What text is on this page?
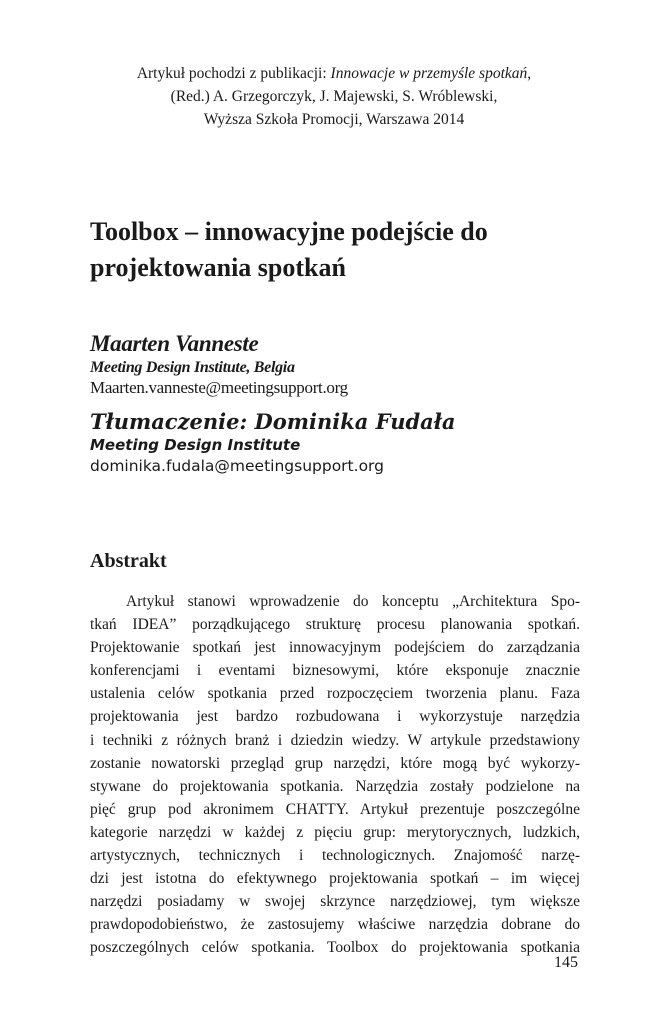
Artykuł pochodzi z publikacji: Innowacje w przemyśle spotkań,
(Red.) A. Grzegorczyk, J. Majewski, S. Wróblewski,
Wyższa Szkoła Promocji, Warszawa 2014
Toolbox – innowacyjne podejście do
projektowania spotkań
Maarten Vanneste
Meeting Design Institute, Belgia
Maarten.vanneste@meetingsupport.org
Tłumaczenie: Dominika Fudała
Meeting Design Institute
dominika.fudala@meetingsupport.org
Abstrakt
Artykuł stanowi wprowadzenie do konceptu „Architektura Spo-
tkań IDEA” porządkującego strukturę procesu planowania spotkań.
Projektowanie spotkań jest innowacyjnym podejściem do zarządzania
konferencjami i eventami biznesowymi, które eksponuje znacznie
ustalenia celów spotkania przed rozpoczęciem tworzenia planu. Faza
projektowania jest bardzo rozbudowana i wykorzystuje narzędzia
i techniki z różnych branż i dziedzin wiedzy. W artykule przedstawiony
zostanie nowatorski przegląd grup narzędzi, które mogą być wykorzy-
stywane do projektowania spotkania. Narzędzia zostały podzielone na
pięć grup pod akronimem CHATTY. Artykuł prezentuje poszczególne
kategorie narzędzi w każdej z pięciu grup: merytorycznych, ludzkich,
artystycznych, technicznych i technologicznych. Znajomość narzę-
dzi jest istotna do efektywnego projektowania spotkań – im więcej
narzędzi posiadamy w swojej skrzynce narzędziowej, tym większe
prawdopodobieństwo, że zastosujemy właściwe narzędzia dobrane do
poszczególnych celów spotkania. Toolbox do projektowania spotkania
145
